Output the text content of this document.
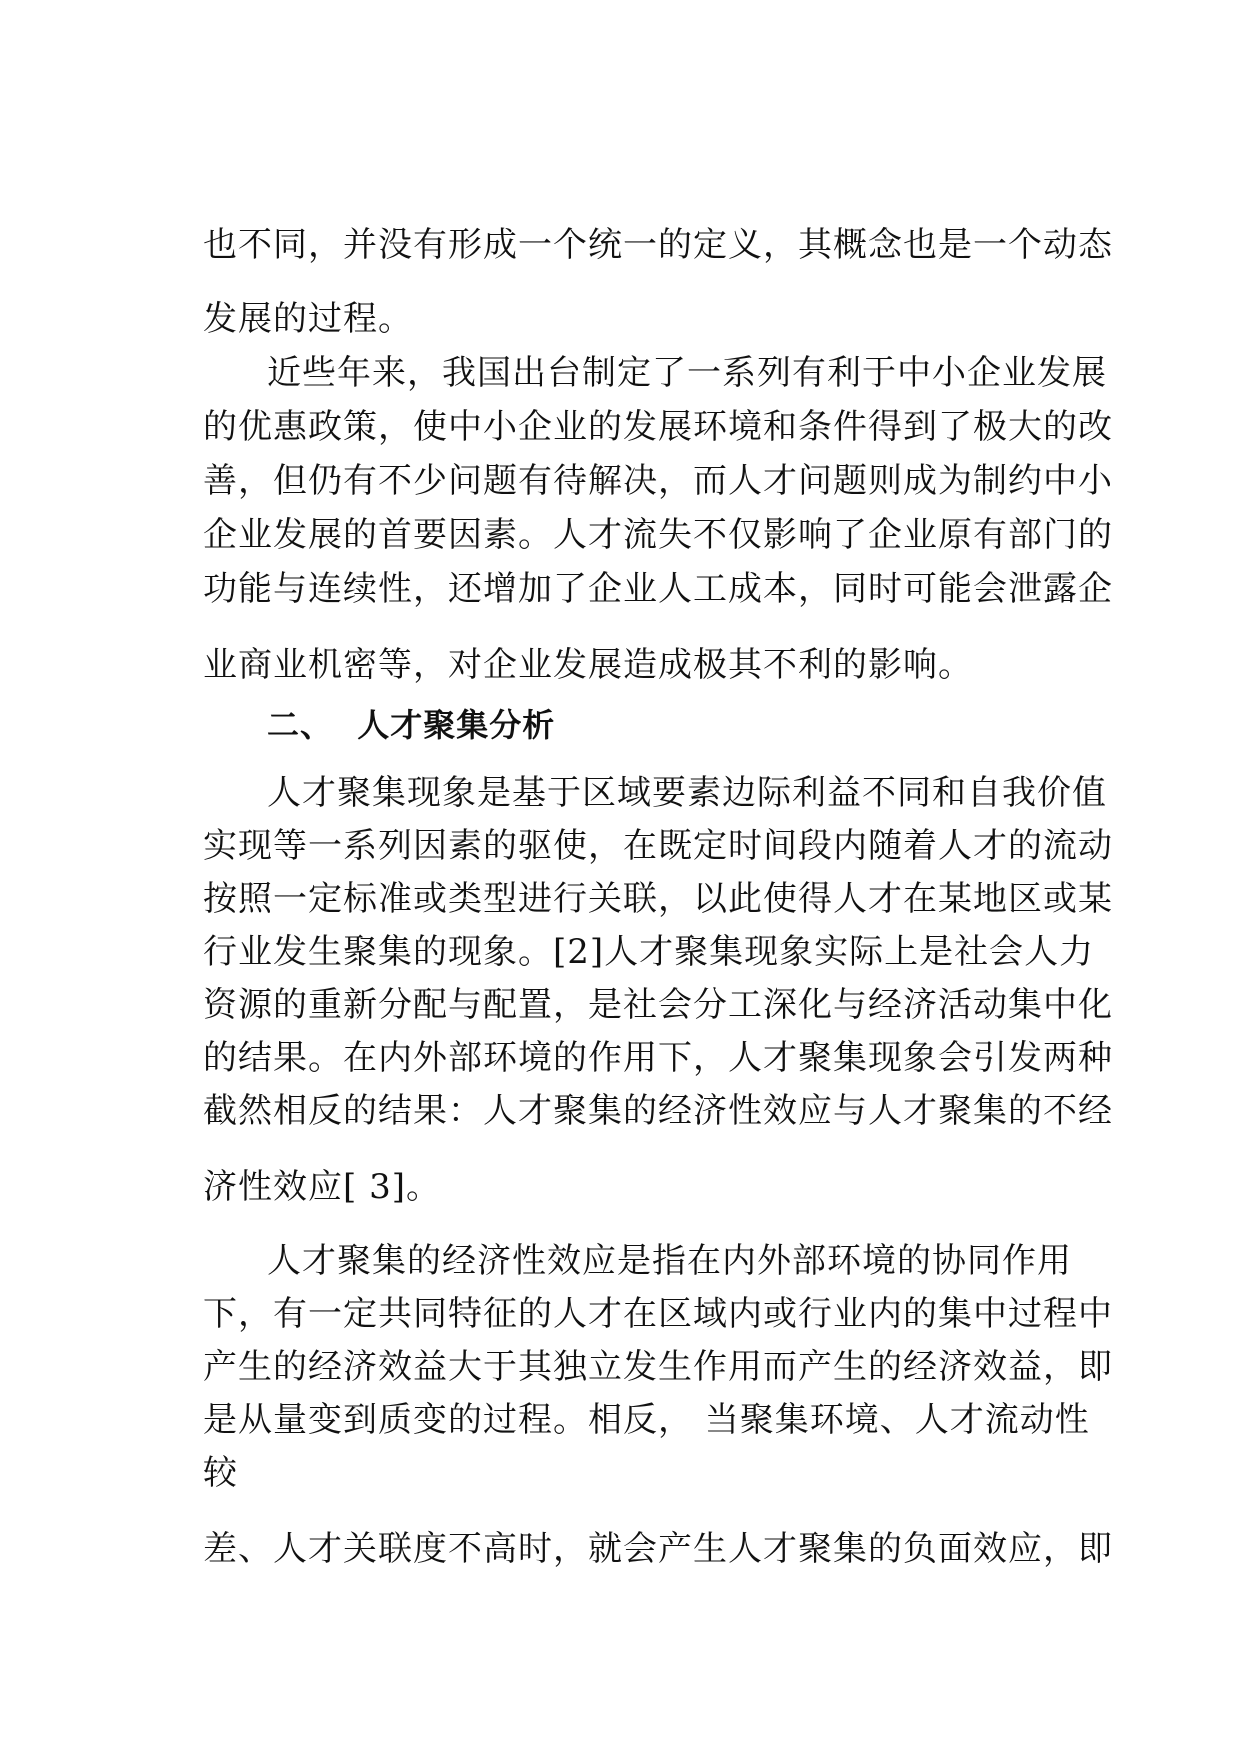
也不同，并没有形成一个统一的定义，其概念也是一个动态
发展的过程。
近些年来，我国出台制定了一系列有利于中小企业发展
的优惠政策，使中小企业的发展环境和条件得到了极大的改
善，但仍有不少问题有待解决，而人才问题则成为制约中小
企业发展的首要因素。人才流失不仅影响了企业原有部门的
功能与连续性，还增加了企业人工成本，同时可能会泄露企
业商业机密等，对企业发展造成极其不利的影响。
二、  人才聚集分析
人才聚集现象是基于区域要素边际利益不同和自我价值
实现等一系列因素的驱使，在既定时间段内随着人才的流动
按照一定标准或类型进行关联，以此使得人才在某地区或某
行业发生聚集的现象。[2]人才聚集现象实际上是社会人力
资源的重新分配与配置，是社会分工深化与经济活动集中化
的结果。在内外部环境的作用下，人才聚集现象会引发两种
截然相反的结果：人才聚集的经济性效应与人才聚集的不经
济性效应[ 3]。
人才聚集的经济性效应是指在内外部环境的协同作用
下，有一定共同特征的人才在区域内或行业内的集中过程中
产生的经济效益大于其独立发生作用而产生的经济效益，即
是从量变到质变的过程。相反， 当聚集环境、人才流动性
较
差、人才关联度不高时，就会产生人才聚集的负面效应，即
